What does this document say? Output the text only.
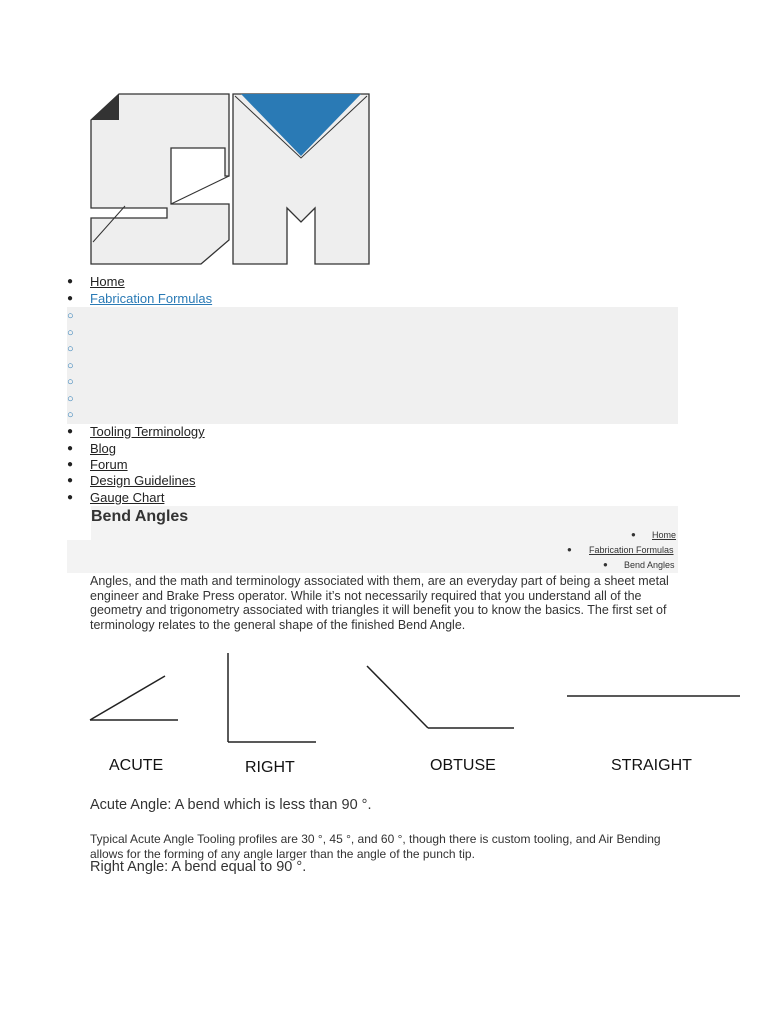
● Home
● Fabrication Formulas
○
○
○
○
○
○
○
● Tooling Terminology
● Blog
● Forum
● Design Guidelines
● Gauge Chart
Bend Angles
● Home
● Fabrication Formulas
● Bend Angles

Angles, and the math and terminology associated with them, are an everyday part of being a sheet metal engineer and Brake Press operator. While it’s not necessarily required that you understand all of the geometry and trigonometry associated with triangles it will benefit you to know the basics. The first set of terminology relates to the general shape of the finished Bend Angle.

ACUTE	RIGHT	OBTUSE	STRAIGHT
Acute Angle: A bend which is less than 90 °.

Typical Acute Angle Tooling profiles are 30 °, 45 °, and 60 °, though there is custom tooling, and Air Bending allows for the forming of any angle larger than the angle of the punch tip.

Right Angle: A bend equal to 90 °.
